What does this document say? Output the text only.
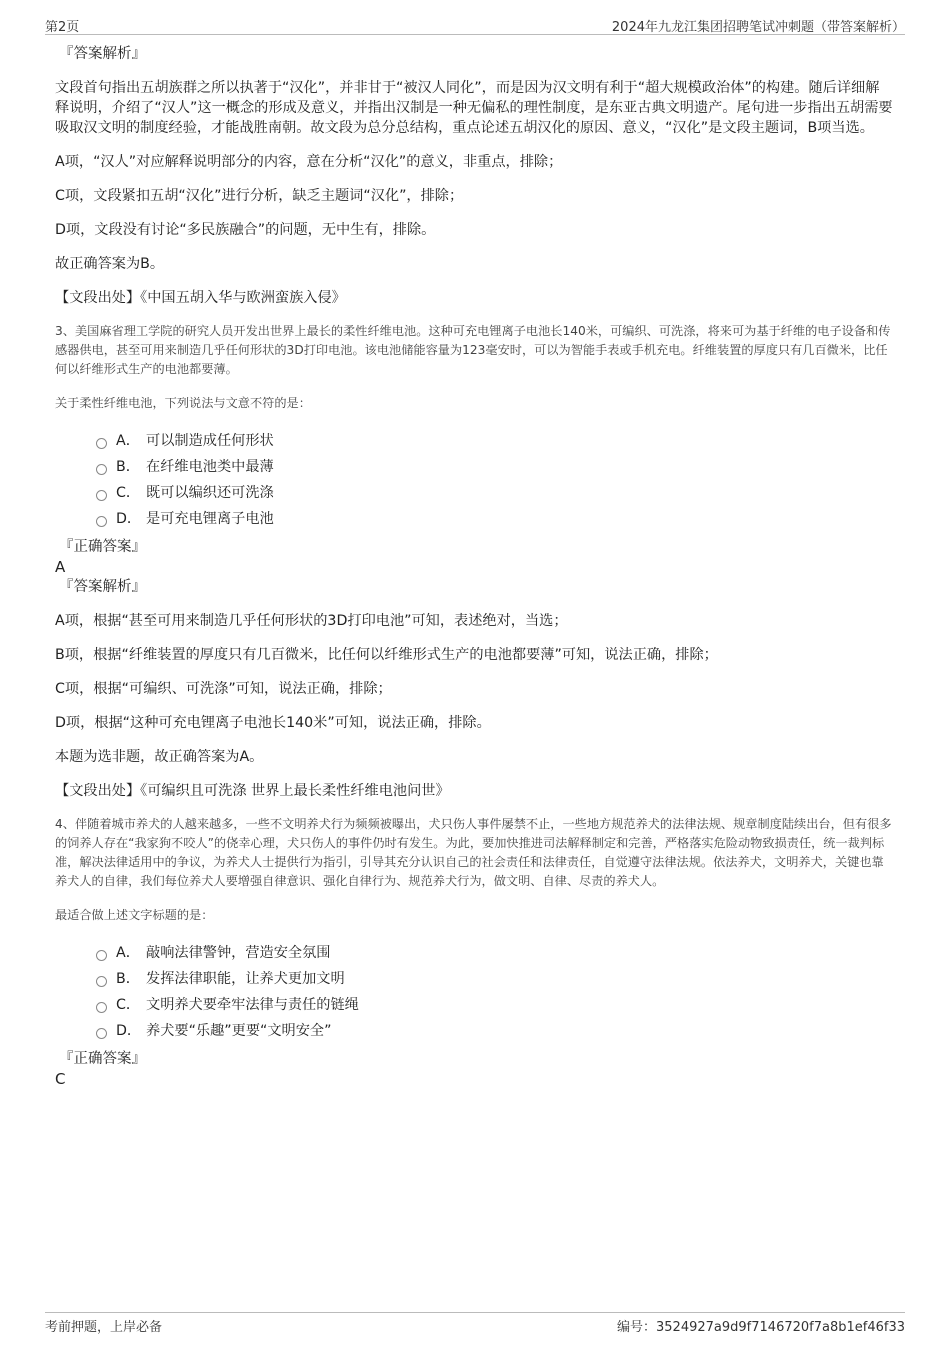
第2页	2024年九龙江集团招聘笔试冲刺题（带答案解析）

『答案解析』

文段首句指出五胡族群之所以执著于“汉化”，并非甘于“被汉人同化”，而是因为汉文明有利于“超大规模政治体”的构建。随后详细解释说明，介绍了“汉人”这一概念的形成及意义，并指出汉制是一种无偏私的理性制度，是东亚古典文明遗产。尾句进一步指出五胡需要吸取汉文明的制度经验，才能战胜南朝。故文段为总分总结构，重点论述五胡汉化的原因、意义，“汉化”是文段主题词，B项当选。

A项，“汉人”对应解释说明部分的内容，意在分析“汉化”的意义，非重点，排除；

C项，文段紧扣五胡“汉化”进行分析，缺乏主题词“汉化”，排除；

D项，文段没有讨论“多民族融合”的问题，无中生有，排除。

故正确答案为B。

【文段出处】《中国五胡入华与欧洲蛮族入侵》

3、美国麻省理工学院的研究人员开发出世界上最长的柔性纤维电池。这种可充电锂离子电池长140米，可编织、可洗涤，将来可为基于纤维的电子设备和传感器供电，甚至可用来制造几乎任何形状的3D打印电池。该电池储能容量为123毫安时，可以为智能手表或手机充电。纤维装置的厚度只有几百微米，比任何以纤维形式生产的电池都要薄。

关于柔性纤维电池，下列说法与文意不符的是：

A． 可以制造成任何形状
B． 在纤维电池类中最薄
C． 既可以编织还可洗涤
D． 是可充电锂离子电池

『正确答案』

A

『答案解析』

A项，根据“甚至可用来制造几乎任何形状的3D打印电池”可知，表述绝对，当选；

B项，根据“纤维装置的厚度只有几百微米，比任何以纤维形式生产的电池都要薄”可知，说法正确，排除；

C项，根据“可编织、可洗涤”可知，说法正确，排除；

D项，根据“这种可充电锂离子电池长140米”可知，说法正确，排除。

本题为选非题，故正确答案为A。

【文段出处】《可编织且可洗涤 世界上最长柔性纤维电池问世》

4、伴随着城市养犬的人越来越多，一些不文明养犬行为频频被曝出，犬只伤人事件屡禁不止，一些地方规范养犬的法律法规、规章制度陆续出台，但有很多的饲养人存在“我家狗不咬人”的侥幸心理，犬只伤人的事件仍时有发生。为此，要加快推进司法解释制定和完善，严格落实危险动物致损责任，统一裁判标准，解决法律适用中的争议，为养犬人士提供行为指引，引导其充分认识自己的社会责任和法律责任，自觉遵守法律法规。依法养犬，文明养犬，关键也靠养犬人的自律，我们每位养犬人要增强自律意识、强化自律行为、规范养犬行为，做文明、自律、尽责的养犬人。

最适合做上述文字标题的是：

A． 敲响法律警钟，营造安全氛围
B． 发挥法律职能，让养犬更加文明
C． 文明养犬要牵牢法律与责任的链绳
D． 养犬要“乐趣”更要“文明安全”

『正确答案』

C

考前押题，上岸必备	编号：3524927a9d9f7146720f7a8b1ef46f33
